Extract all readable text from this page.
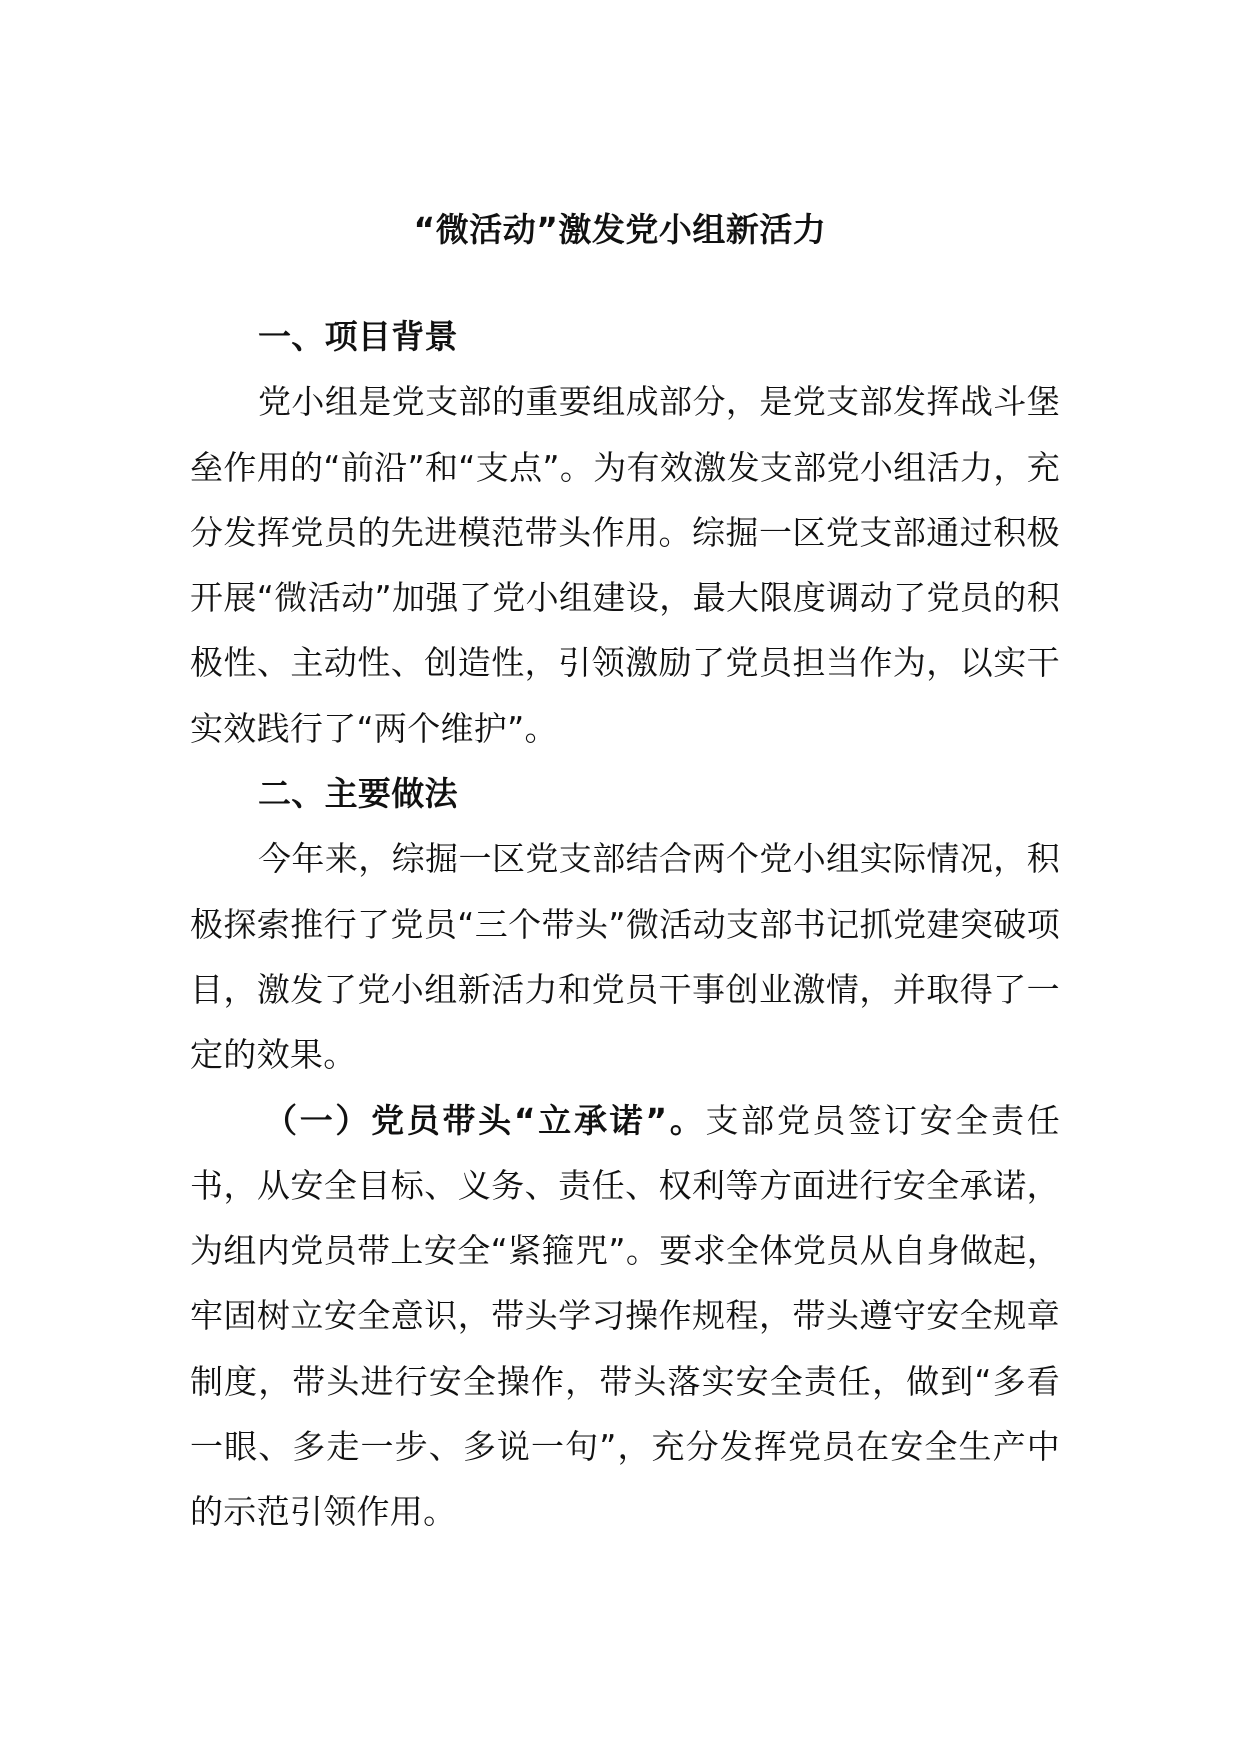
“微活动”激发党小组新活力

一、项目背景

党小组是党支部的重要组成部分，是党支部发挥战斗堡垒作用的“前沿”和“支点”。为有效激发支部党小组活力，充分发挥党员的先进模范带头作用。综掘一区党支部通过积极开展“微活动”加强了党小组建设，最大限度调动了党员的积极性、主动性、创造性，引领激励了党员担当作为，以实干实效践行了“两个维护”。

二、主要做法

今年来，综掘一区党支部结合两个党小组实际情况，积极探索推行了党员“三个带头”微活动支部书记抓党建突破项目，激发了党小组新活力和党员干事创业激情，并取得了一定的效果。

（一）党员带头“立承诺”。支部党员签订安全责任书，从安全目标、义务、责任、权利等方面进行安全承诺，为组内党员带上安全“紧箍咒”。要求全体党员从自身做起，牢固树立安全意识，带头学习操作规程，带头遵守安全规章制度，带头进行安全操作，带头落实安全责任，做到“多看一眼、多走一步、多说一句”，充分发挥党员在安全生产中的示范引领作用。
